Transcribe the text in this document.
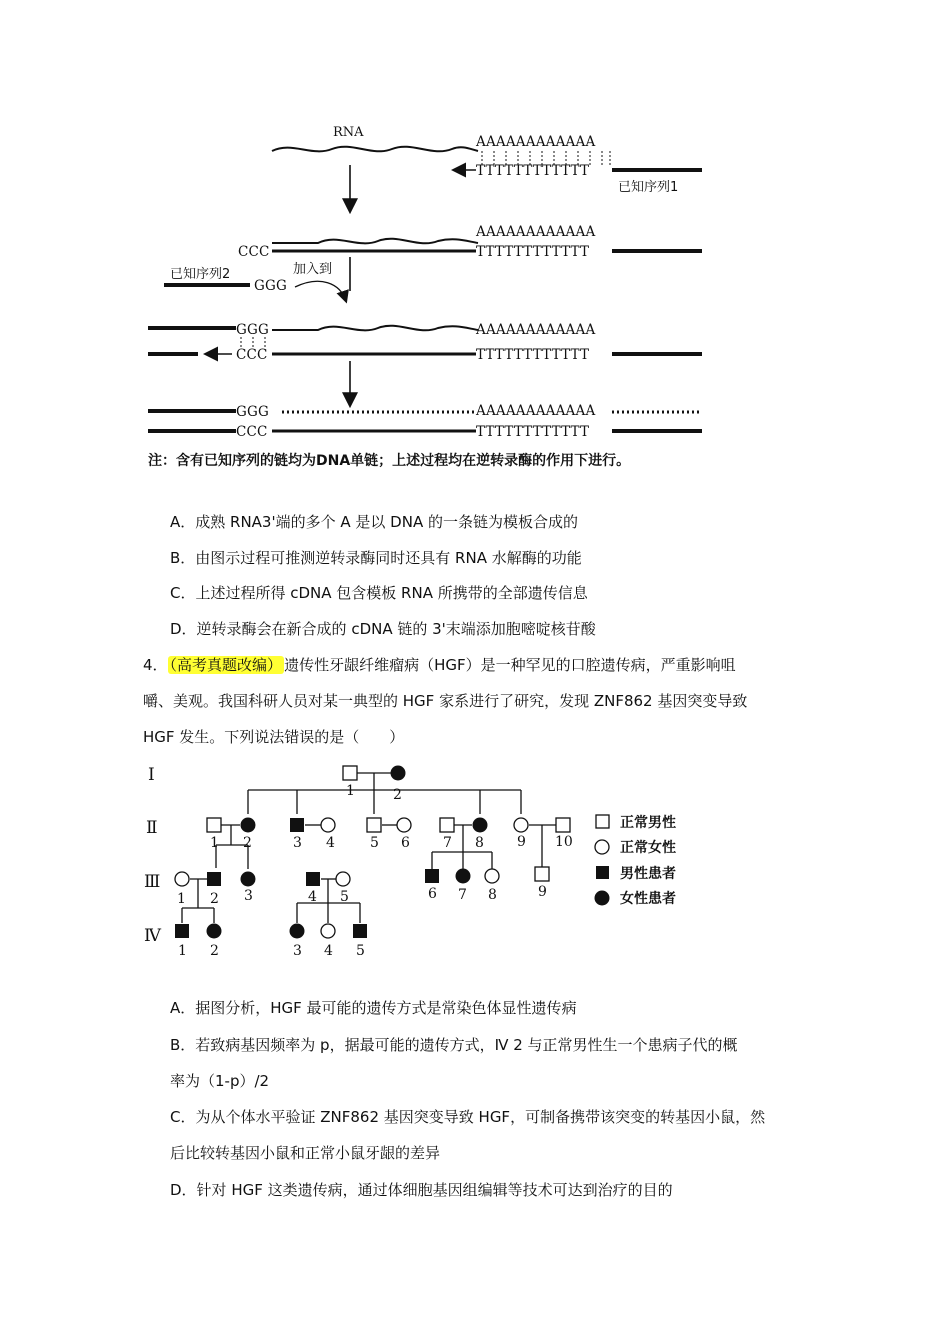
RNA
AAAAAAAAAAAA
TTTTTTTTTTTT
已知序列1
AAAAAAAAAAAA
CCC	TTTTTTTTTTTT
已知序列2
GGG
加入到
GGG	AAAAAAAAAAAA
CCC	TTTTTTTTTTTT
GGG	AAAAAAAAAAAA
CCC	TTTTTTTTTTTT
注：含有已知序列的链均为DNA单链；上述过程均在逆转录酶的作用下进行。
A．成熟 RNA3'端的多个 A 是以 DNA 的一条链为模板合成的
B．由图示过程可推测逆转录酶同时还具有 RNA 水解酶的功能
C．上述过程所得 cDNA 包含模板 RNA 所携带的全部遗传信息
D．逆转录酶会在新合成的 cDNA 链的 3'末端添加胞嘧啶核苷酸
4． （高考真题改编） 遗传性牙龈纤维瘤病（HGF）是一种罕见的口腔遗传病，严重影响咀
嚼、美观。我国科研人员对某一典型的 HGF 家系进行了研究，发现 ZNF862 基因突变导致
HGF 发生。下列说法错误的是（　　）
Ⅰ
Ⅱ
Ⅲ
Ⅳ
1	2
1 2	3 4	5 6 7 8 9 10
1 2 3	4 5	6 7 8	9
1 2	3 4 5
正常男性
正常女性
男性患者
女性患者
A．据图分析，HGF 最可能的遗传方式是常染色体显性遗传病
B．若致病基因频率为 p，据最可能的遗传方式，Ⅳ 2 与正常男性生一个患病子代的概
率为（1-p）/2
C．为从个体水平验证 ZNF862 基因突变导致 HGF，可制备携带该突变的转基因小鼠，然
后比较转基因小鼠和正常小鼠牙龈的差异
D．针对 HGF 这类遗传病，通过体细胞基因组编辑等技术可达到治疗的目的
